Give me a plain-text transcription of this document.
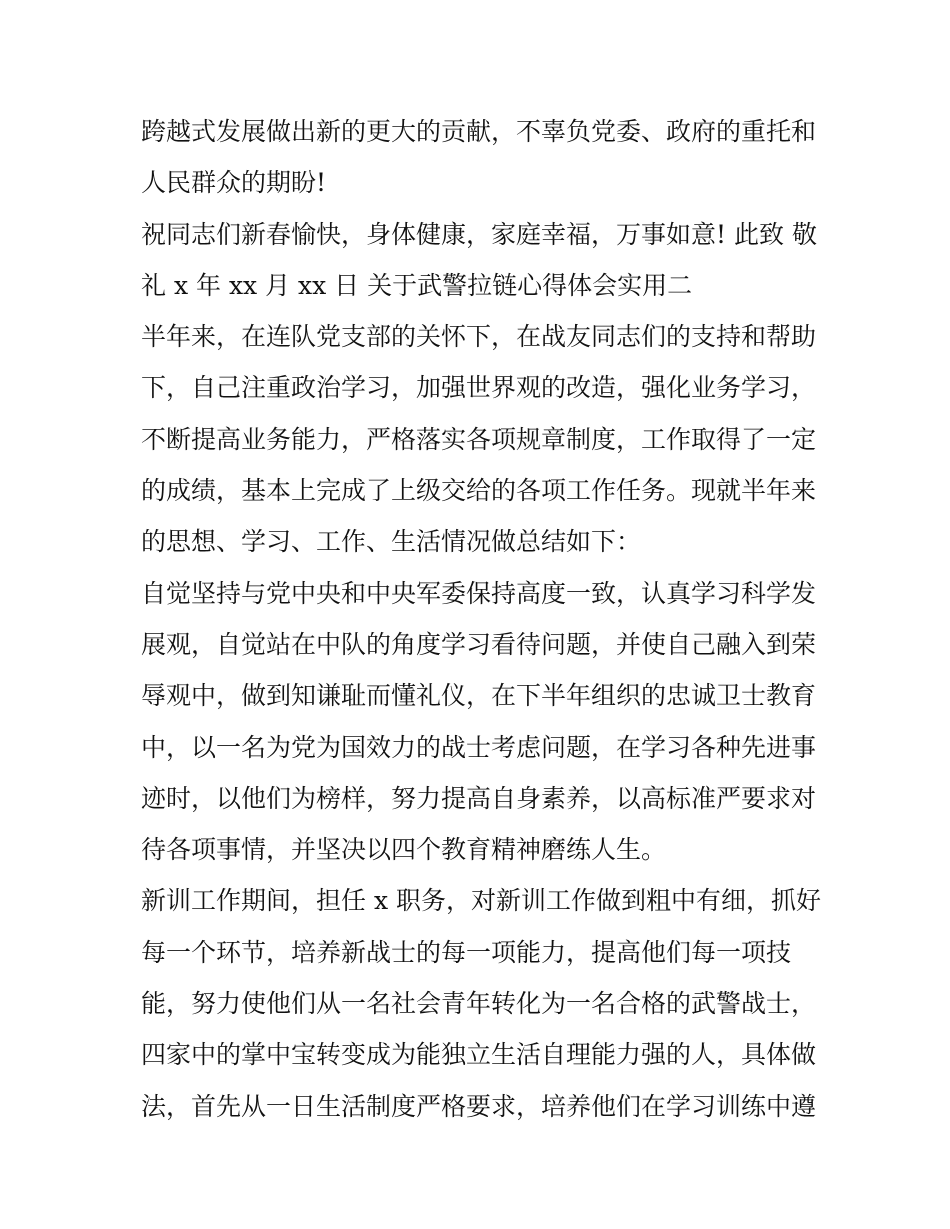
跨越式发展做出新的更大的贡献，不辜负党委、政府的重托和
人民群众的期盼!
祝同志们新春愉快，身体健康，家庭幸福，万事如意! 此致 敬
礼 x 年 xx 月 xx 日 关于武警拉链心得体会实用二
半年来，在连队党支部的关怀下，在战友同志们的支持和帮助
下，自己注重政治学习，加强世界观的改造，强化业务学习，
不断提高业务能力，严格落实各项规章制度，工作取得了一定
的成绩，基本上完成了上级交给的各项工作任务。现就半年来
的思想、学习、工作、生活情况做总结如下：
自觉坚持与党中央和中央军委保持高度一致，认真学习科学发
展观，自觉站在中队的角度学习看待问题，并使自己融入到荣
辱观中，做到知谦耻而懂礼仪，在下半年组织的忠诚卫士教育
中，以一名为党为国效力的战士考虑问题，在学习各种先进事
迹时，以他们为榜样，努力提高自身素养，以高标准严要求对
待各项事情，并坚决以四个教育精神磨练人生。
新训工作期间，担任 x 职务，对新训工作做到粗中有细，抓好
每一个环节，培养新战士的每一项能力，提高他们每一项技
能，努力使他们从一名社会青年转化为一名合格的武警战士，
四家中的掌中宝转变成为能独立生活自理能力强的人，具体做
法，首先从一日生活制度严格要求，培养他们在学习训练中遵
